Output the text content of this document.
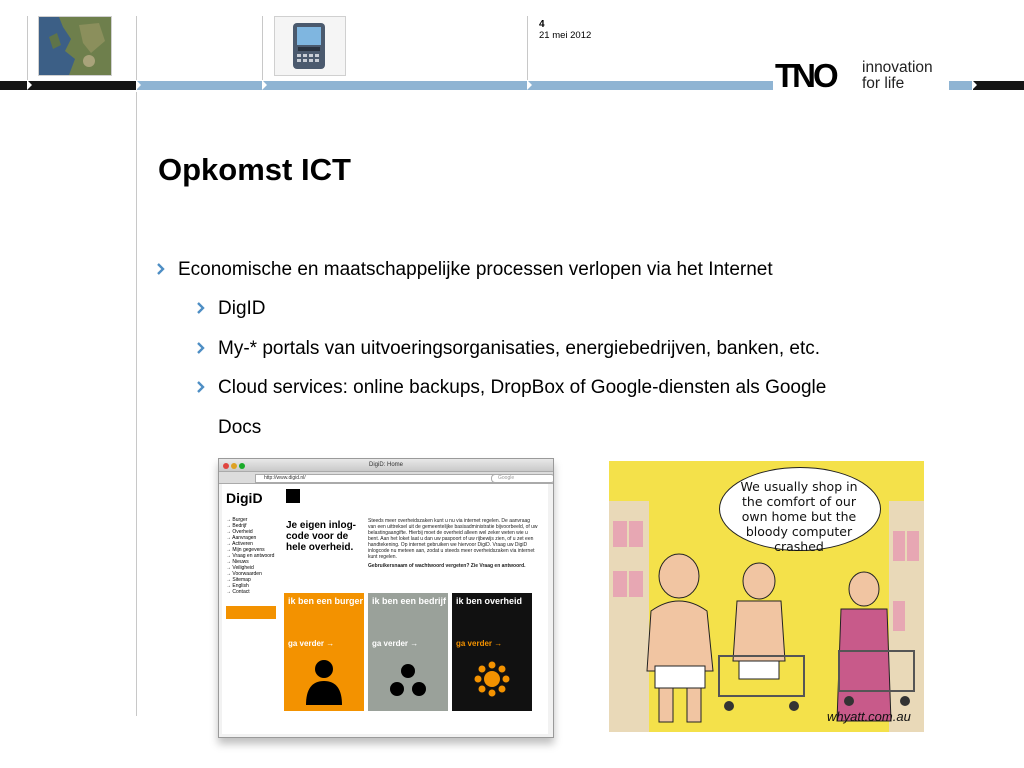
4
21 mei 2012
TNO innovation
for life
Opkomst ICT
Economische en maatschappelijke processen verlopen via het Internet
DigID
My-* portals van uitvoeringsorganisaties, energiebedrijven, banken, etc.
Cloud services: online backups, DropBox of Google-diensten als Google
Docs
DigiD: Home
http://www.digid.nl/	Google
DigiD
→ Burger
→ Bedrijf
→ Overheid
→ Aanvragen
→ Activeren
→ Mijn gegevens
→ Vraag en antwoord
→ Nieuws
→ Veiligheid
→ Voorwaarden
→ Sitemap
→ English
→ Contact
Je eigen inlog-code voor de hele overheid.
Steeds meer overheidszaken kunt u nu via internet regelen. De aanvraag van een uittreksel uit de gemeentelijke basisadministratie bijvoorbeeld, of uw belastingaangifte. Hierbij moet de overheid alleen wel zeker weten wie u bent. Aan het loket laat u dan uw paspoort of uw rijbewijs zien, of u zet een handtekening. Op internet gebruiken we hiervoor DigiD. Vraag uw DigiD inlogcode nu meteen aan, zodat u steeds meer overheidszaken via internet kunt regelen.
Gebruikersnaam of wachtwoord vergeten? Zie Vraag en antwoord.
ik ben een burger
ga verder →
ik ben een bedrijf
ga verder →
ik ben overheid
ga verder →
We usually shop in the comfort of our own home but the bloody computer crashed
whyatt.com.au
